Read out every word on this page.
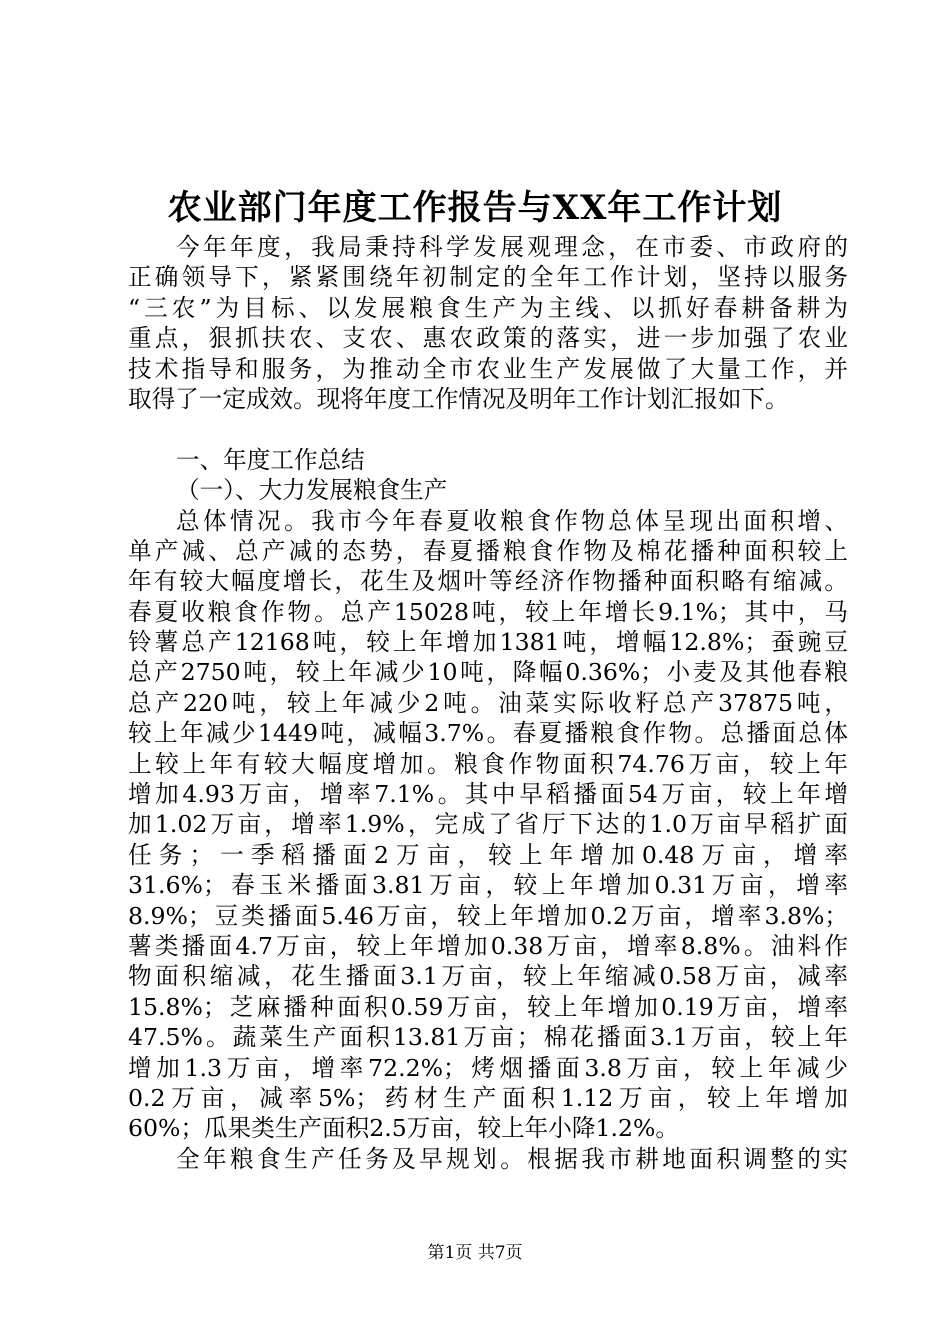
农业部门年度工作报告与XX年工作计划
今年年度，我局秉持科学发展观理念，在市委、市政府的
正确领导下，紧紧围绕年初制定的全年工作计划，坚持以服务
“三农”为目标、以发展粮食生产为主线、以抓好春耕备耕为
重点，狠抓扶农、支农、惠农政策的落实，进一步加强了农业
技术指导和服务，为推动全市农业生产发展做了大量工作，并
取得了一定成效。现将年度工作情况及明年工作计划汇报如下。
一、年度工作总结
（一）、大力发展粮食生产
总体情况。我市今年春夏收粮食作物总体呈现出面积增、
单产减、总产减的态势，春夏播粮食作物及棉花播种面积较上
年有较大幅度增长，花生及烟叶等经济作物播种面积略有缩减。
春夏收粮食作物。总产15028吨，较上年增长9.1%；其中，马
铃薯总产12168吨，较上年增加1381吨，增幅12.8%；蚕豌豆
总产2750吨，较上年减少10吨，降幅0.36%；小麦及其他春粮
总产220吨，较上年减少2吨。油菜实际收籽总产37875吨，
较上年减少1449吨，减幅3.7%。春夏播粮食作物。总播面总体
上较上年有较大幅度增加。粮食作物面积74.76万亩，较上年
增加4.93万亩，增率7.1%。其中早稻播面54万亩，较上年增
加1.02万亩，增率1.9%，完成了省厅下达的1.0万亩早稻扩面
任务；一季稻播面2万亩，较上年增加0.48万亩，增率
31.6%；春玉米播面3.81万亩，较上年增加0.31万亩，增率
8.9%；豆类播面5.46万亩，较上年增加0.2万亩，增率3.8%；
薯类播面4.7万亩，较上年增加0.38万亩，增率8.8%。油料作
物面积缩减，花生播面3.1万亩，较上年缩减0.58万亩，减率
15.8%；芝麻播种面积0.59万亩，较上年增加0.19万亩，增率
47.5%。蔬菜生产面积13.81万亩；棉花播面3.1万亩，较上年
增加1.3万亩，增率72.2%；烤烟播面3.8万亩，较上年减少
0.2万亩，减率5%；药材生产面积1.12万亩，较上年增加
60%；瓜果类生产面积2.5万亩，较上年小降1.2%。
全年粮食生产任务及早规划。根据我市耕地面积调整的实
第1页 共7页
